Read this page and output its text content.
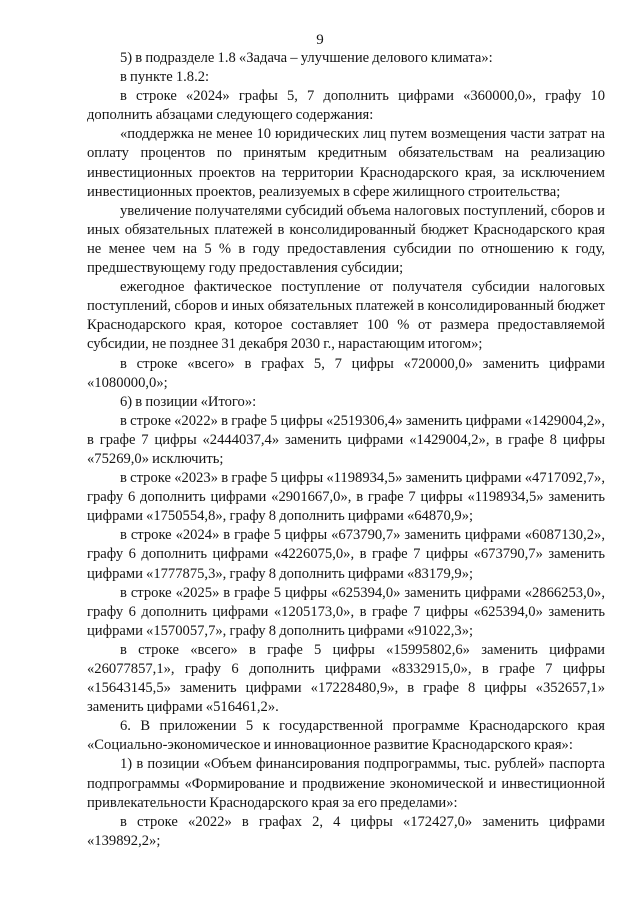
9

5) в подразделе 1.8 «Задача – улучшение делового климата»:

в пункте 1.8.2:

в строке «2024» графы 5, 7 дополнить цифрами «360000,0», графу 10 дополнить абзацами следующего содержания:

«поддержка не менее 10 юридических лиц путем возмещения части затрат на оплату процентов по принятым кредитным обязательствам на реализацию инвестиционных проектов на территории Краснодарского края, за исключением инвестиционных проектов, реализуемых в сфере жилищного строительства;

увеличение получателями субсидий объема налоговых поступлений, сборов и иных обязательных платежей в консолидированный бюджет Краснодарского края не менее чем на 5 % в году предоставления субсидии по отношению к году, предшествующему году предоставления субсидии;

ежегодное фактическое поступление от получателя субсидии налоговых поступлений, сборов и иных обязательных платежей в консолидированный бюджет Краснодарского края, которое составляет 100 % от размера предоставляемой субсидии, не позднее 31 декабря 2030 г., нарастающим итогом»;

в строке «всего» в графах 5, 7 цифры «720000,0» заменить цифрами «1080000,0»;

6) в позиции «Итого»:

в строке «2022» в графе 5 цифры «2519306,4» заменить цифрами «1429004,2», в графе 7 цифры «2444037,4» заменить цифрами «1429004,2», в графе 8 цифры «75269,0» исключить;

в строке «2023» в графе 5 цифры «1198934,5» заменить цифрами «4717092,7», графу 6 дополнить цифрами «2901667,0», в графе 7 цифры «1198934,5» заменить цифрами «1750554,8», графу 8 дополнить цифрами «64870,9»;

в строке «2024» в графе 5 цифры «673790,7» заменить цифрами «6087130,2», графу 6 дополнить цифрами «4226075,0», в графе 7 цифры «673790,7» заменить цифрами «1777875,3», графу 8 дополнить цифрами «83179,9»;

в строке «2025» в графе 5 цифры «625394,0» заменить цифрами «2866253,0», графу 6 дополнить цифрами «1205173,0», в графе 7 цифры «625394,0» заменить цифрами «1570057,7», графу 8 дополнить цифрами «91022,3»;

в строке «всего» в графе 5 цифры «15995802,6» заменить цифрами «26077857,1», графу 6 дополнить цифрами «8332915,0», в графе 7 цифры «15643145,5» заменить цифрами «17228480,9», в графе 8 цифры «352657,1» заменить цифрами «516461,2».

6. В приложении 5 к государственной программе Краснодарского края «Социально-экономическое и инновационное развитие Краснодарского края»:

1) в позиции «Объем финансирования подпрограммы, тыс. рублей» паспорта подпрограммы «Формирование и продвижение экономической и инвестиционной привлекательности Краснодарского края за его пределами»:

в строке «2022» в графах 2, 4 цифры «172427,0» заменить цифрами «139892,2»;
